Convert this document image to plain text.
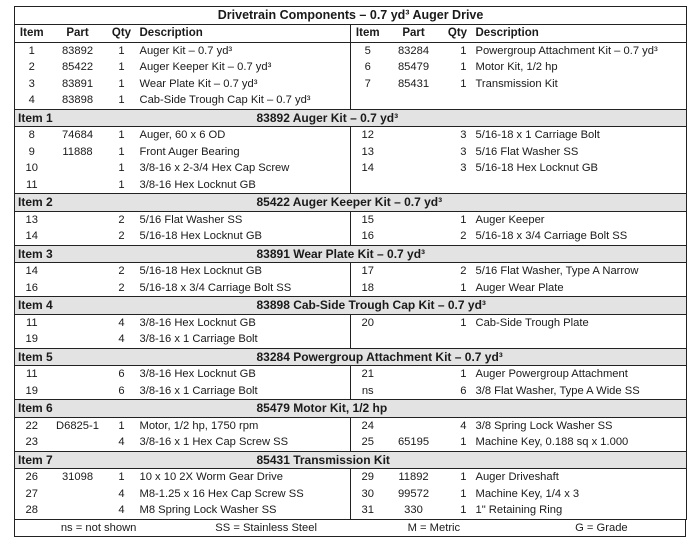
Drivetrain Components – 0.7 yd³ Auger Drive							
Item	Part	Qty	Description	Item	Part	Qty	Description
1	83892	1	Auger Kit – 0.7 yd³	5	83284	1	Powergroup Attachment Kit – 0.7 yd³
2	85422	1	Auger Keeper Kit – 0.7 yd³	6	85479	1	Motor Kit, 1/2 hp
3	83891	1	Wear Plate Kit – 0.7 yd³	7	85431	1	Transmission Kit
4	83898	1	Cab-Side Trough Cap Kit – 0.7 yd³				
Item 1		83892 Auger Kit – 0.7 yd³					
8	74684	1	Auger, 60 x 6 OD	12		3	5/16-18 x 1 Carriage Bolt
9	11888	1	Front Auger Bearing	13		3	5/16 Flat Washer SS
10		1	3/8-16 x 2-3/4 Hex Cap Screw	14		3	5/16-18 Hex Locknut GB
11		1	3/8-16 Hex Locknut GB				
Item 2		85422 Auger Keeper Kit – 0.7 yd³					
13		2	5/16 Flat Washer SS	15		1	Auger Keeper
14		2	5/16-18 Hex Locknut GB	16		2	5/16-18 x 3/4 Carriage Bolt SS
Item 3		83891 Wear Plate Kit – 0.7 yd³					
14		2	5/16-18 Hex Locknut GB	17		2	5/16 Flat Washer, Type A Narrow
16		2	5/16-18 x 3/4 Carriage Bolt SS	18		1	Auger Wear Plate
Item 4		83898 Cab-Side Trough Cap Kit – 0.7 yd³					
11		4	3/8-16 Hex Locknut GB	20		1	Cab-Side Trough Plate
19		4	3/8-16 x 1 Carriage Bolt				
Item 5		83284 Powergroup Attachment Kit – 0.7 yd³					
11		6	3/8-16 Hex Locknut GB	21		1	Auger Powergroup Attachment
19		6	3/8-16 x 1 Carriage Bolt	ns		6	3/8 Flat Washer, Type A Wide SS
Item 6		85479 Motor Kit, 1/2 hp					
22	D6825-1	1	Motor, 1/2 hp, 1750 rpm	24		4	3/8 Spring Lock Washer SS
23		4	3/8-16 x 1 Hex Cap Screw SS	25	65195	1	Machine Key, 0.188 sq x 1.000
Item 7		85431 Transmission Kit					
26	31098	1	10 x 10 2X Worm Gear Drive	29	11892	1	Auger Driveshaft
27		4	M8-1.25 x 16 Hex Cap Screw SS	30	99572	1	Machine Key, 1/4 x 3
28		4	M8 Spring Lock Washer SS	31	330	1	1" Retaining Ring
ns = not shown	SS = Stainless Steel	M = Metric	G = Grade
